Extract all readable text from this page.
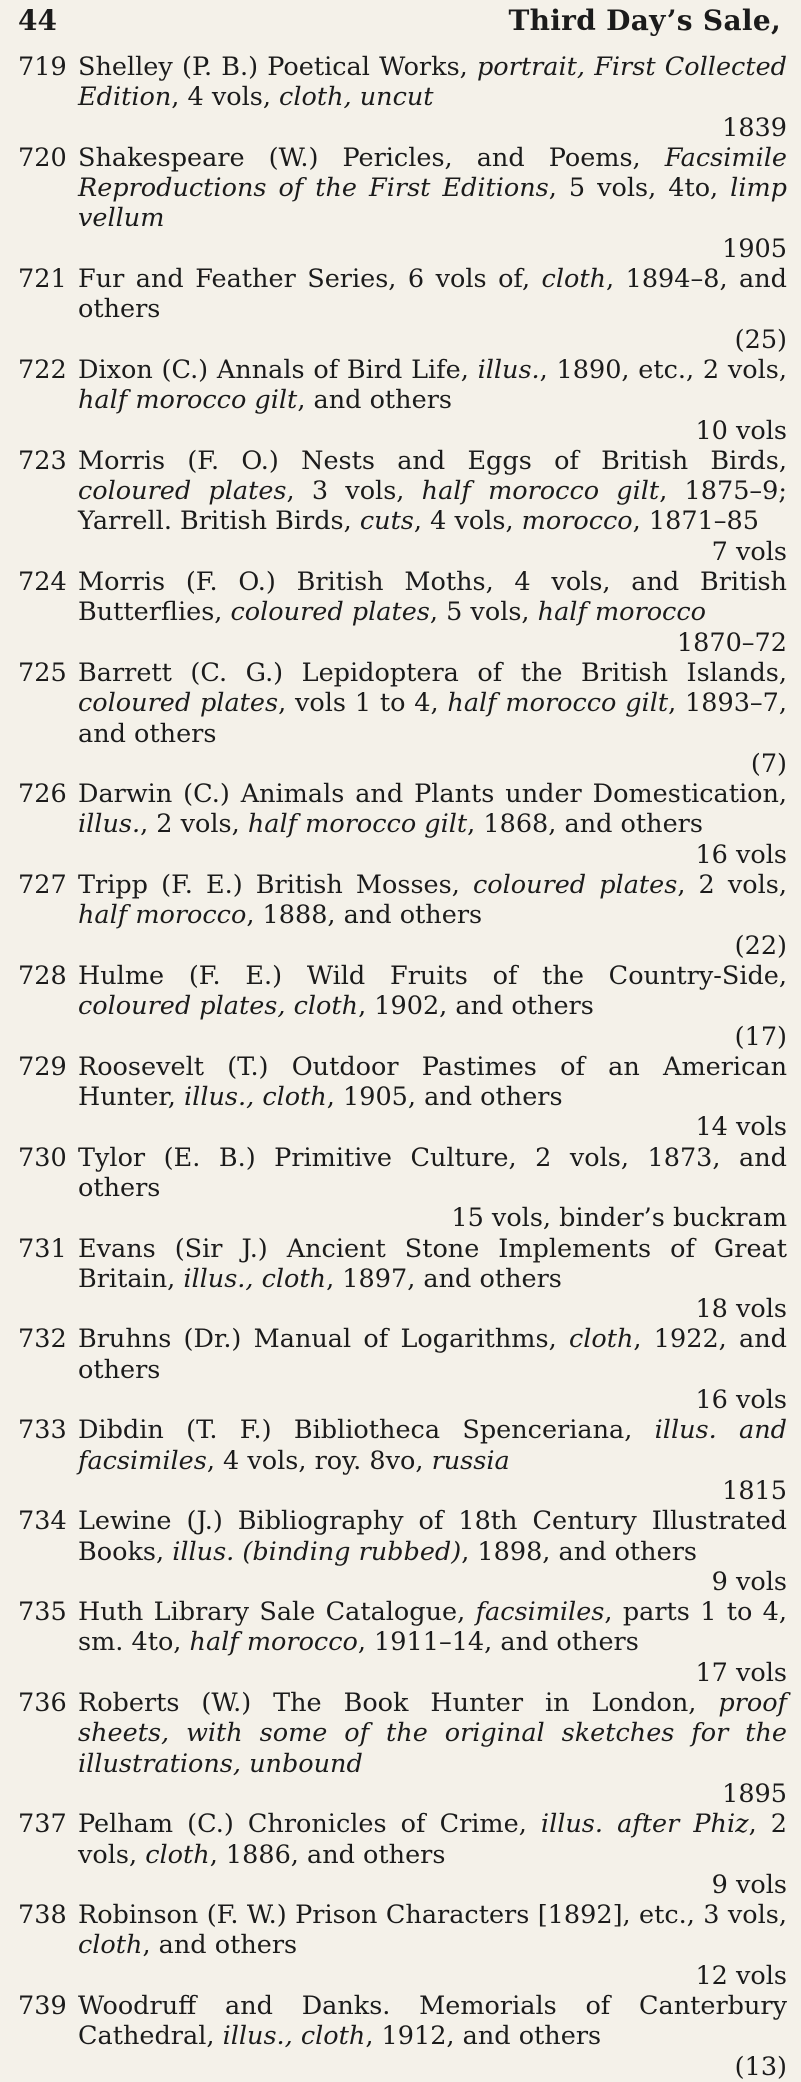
44	Third Day’s Sale,
719 Shelley (P. B.) Poetical Works, portrait, First Collected Edition, 4 vols, cloth, uncut
1839
720 Shakespeare (W.) Pericles, and Poems, Facsimile Reproductions of the First Editions, 5 vols, 4to, limp vellum
1905
721 Fur and Feather Series, 6 vols of, cloth, 1894–8, and others
(25)
722 Dixon (C.) Annals of Bird Life, illus., 1890, etc., 2 vols, half morocco gilt, and others
10 vols
723 Morris (F. O.) Nests and Eggs of British Birds, coloured plates, 3 vols, half morocco gilt, 1875–9; Yarrell. British Birds, cuts, 4 vols, morocco, 1871–85
7 vols
724 Morris (F. O.) British Moths, 4 vols, and British Butterflies, coloured plates, 5 vols, half morocco
1870–72
725 Barrett (C. G.) Lepidoptera of the British Islands, coloured plates, vols 1 to 4, half morocco gilt, 1893–7, and others
(7)
726 Darwin (C.) Animals and Plants under Domestication, illus., 2 vols, half morocco gilt, 1868, and others
16 vols
727 Tripp (F. E.) British Mosses, coloured plates, 2 vols, half morocco, 1888, and others
(22)
728 Hulme (F. E.) Wild Fruits of the Country-Side, coloured plates, cloth, 1902, and others
(17)
729 Roosevelt (T.) Outdoor Pastimes of an American Hunter, illus., cloth, 1905, and others
14 vols
730 Tylor (E. B.) Primitive Culture, 2 vols, 1873, and others
15 vols, binder’s buckram
731 Evans (Sir J.) Ancient Stone Implements of Great Britain, illus., cloth, 1897, and others
18 vols
732 Bruhns (Dr.) Manual of Logarithms, cloth, 1922, and others
16 vols
733 Dibdin (T. F.) Bibliotheca Spenceriana, illus. and facsimiles, 4 vols, roy. 8vo, russia
1815
734 Lewine (J.) Bibliography of 18th Century Illustrated Books, illus. (binding rubbed), 1898, and others
9 vols
735 Huth Library Sale Catalogue, facsimiles, parts 1 to 4, sm. 4to, half morocco, 1911–14, and others
17 vols
736 Roberts (W.) The Book Hunter in London, proof sheets, with some of the original sketches for the illustrations, unbound
1895
737 Pelham (C.) Chronicles of Crime, illus. after Phiz, 2 vols, cloth, 1886, and others
9 vols
738 Robinson (F. W.) Prison Characters [1892], etc., 3 vols, cloth, and others
12 vols
739 Woodruff and Danks. Memorials of Canterbury Cathedral, illus., cloth, 1912, and others
(13)
